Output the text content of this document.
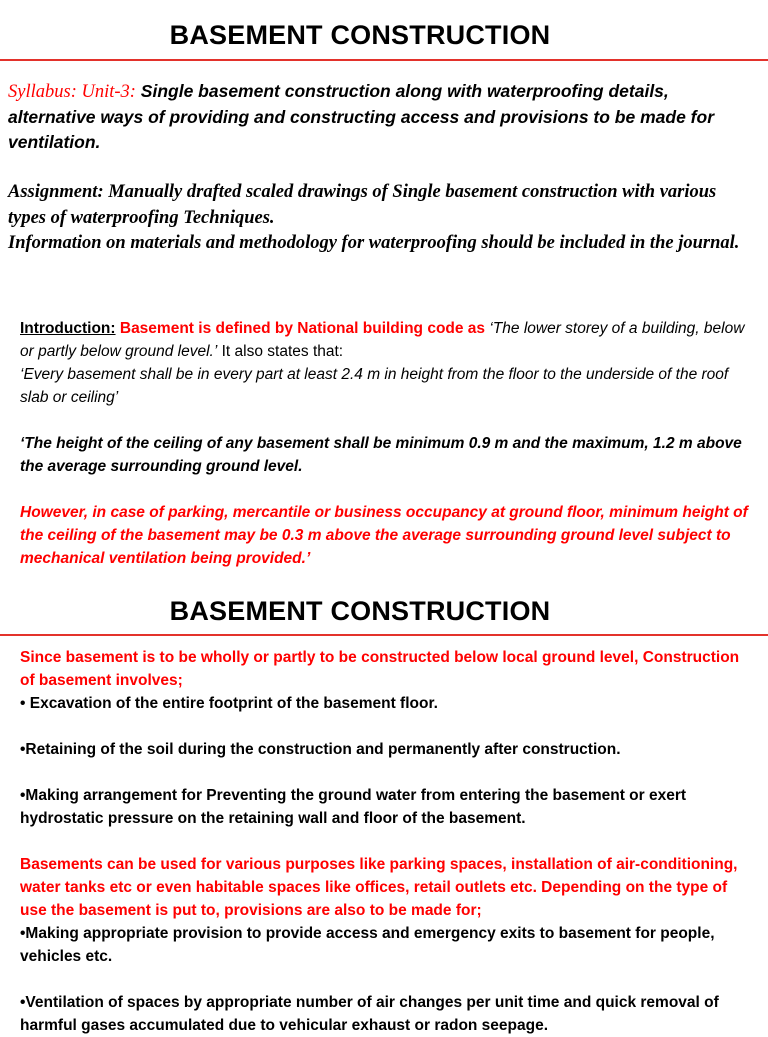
BASEMENT CONSTRUCTION
Syllabus: Unit-3: Single basement construction along with waterproofing details, alternative ways of providing and constructing access and provisions to be made for ventilation.

Assignment: Manually drafted scaled drawings of Single basement construction with various types of waterproofing Techniques.

Information on materials and methodology for waterproofing should be included in the journal.

Introduction: Basement is defined by National building code as ‘The lower storey of a building, below or partly below ground level.’ It also states that:
‘Every basement shall be in every part at least 2.4 m in height from the floor to the underside of the roof slab or ceiling’
‘The height of the ceiling of any basement shall be minimum 0.9 m and the maximum, 1.2 m above the average surrounding ground level.
However, in case of parking, mercantile or business occupancy at ground floor, minimum height of the ceiling of the basement may be 0.3 m above the average surrounding ground level subject to mechanical ventilation being provided.’
BASEMENT CONSTRUCTION
Since basement is to be wholly or partly to be constructed below local ground level, Construction of basement involves;
• Excavation of the entire footprint of the basement floor.
•Retaining of the soil during the construction and permanently after construction.
•Making arrangement for Preventing the ground water from entering the basement or exert hydrostatic pressure on the retaining wall and floor of the basement.
Basements can be used for various purposes like parking spaces, installation of air-conditioning, water tanks etc or even habitable spaces like offices, retail outlets etc. Depending on the type of use the basement is put to, provisions are also to be made for;
•Making appropriate provision to provide access and emergency exits to basement for people, vehicles etc.
•Ventilation of spaces by appropriate number of air changes per unit time and quick removal of harmful gases accumulated due to vehicular exhaust or radon seepage.
